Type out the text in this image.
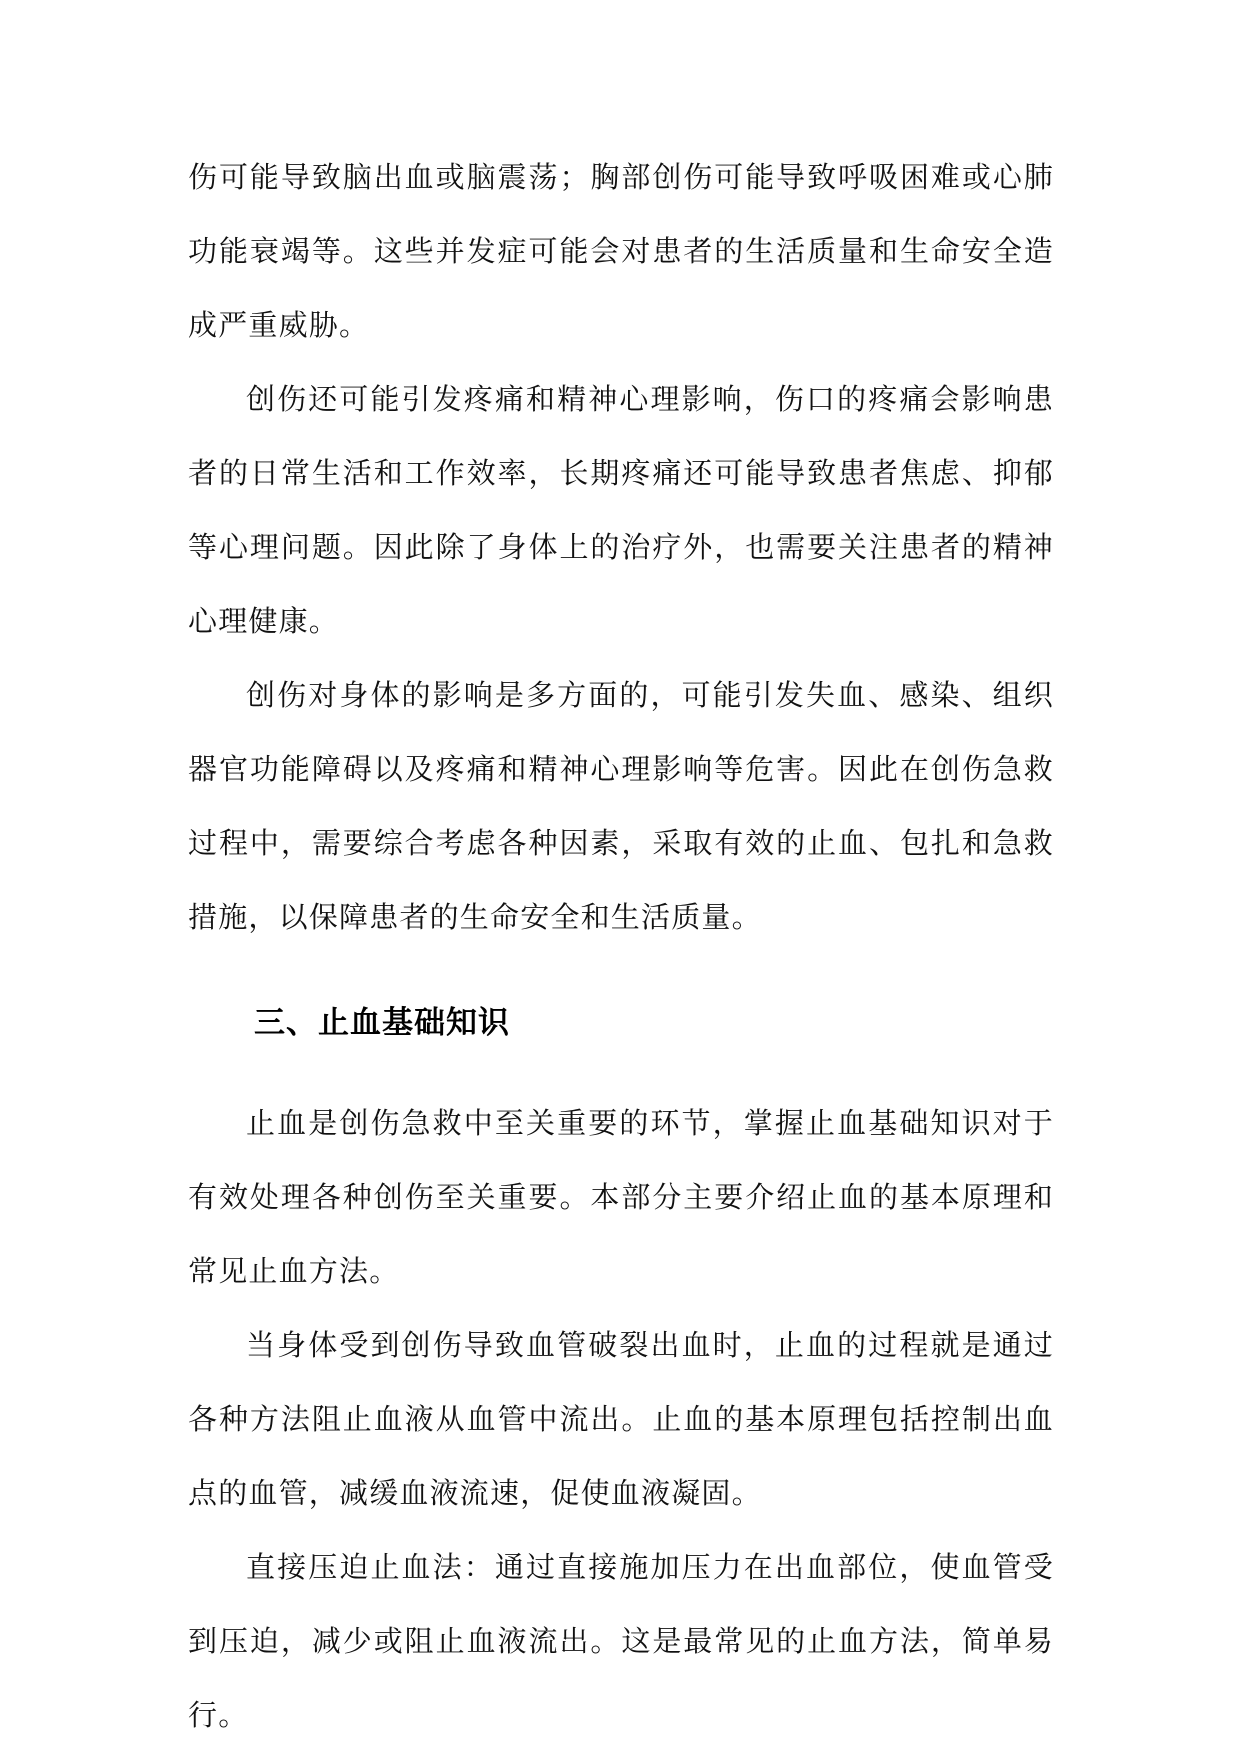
伤可能导致脑出血或脑震荡；胸部创伤可能导致呼吸困难或心肺功能衰竭等。这些并发症可能会对患者的生活质量和生命安全造成严重威胁。

创伤还可能引发疼痛和精神心理影响，伤口的疼痛会影响患者的日常生活和工作效率，长期疼痛还可能导致患者焦虑、抑郁等心理问题。因此除了身体上的治疗外，也需要关注患者的精神心理健康。

创伤对身体的影响是多方面的，可能引发失血、感染、组织器官功能障碍以及疼痛和精神心理影响等危害。因此在创伤急救过程中，需要综合考虑各种因素，采取有效的止血、包扎和急救措施，以保障患者的生命安全和生活质量。

三、止血基础知识

止血是创伤急救中至关重要的环节，掌握止血基础知识对于有效处理各种创伤至关重要。本部分主要介绍止血的基本原理和常见止血方法。

当身体受到创伤导致血管破裂出血时，止血的过程就是通过各种方法阻止血液从血管中流出。止血的基本原理包括控制出血点的血管，减缓血液流速，促使血液凝固。

直接压迫止血法：通过直接施加压力在出血部位，使血管受到压迫，减少或阻止血液流出。这是最常见的止血方法，简单易行。
